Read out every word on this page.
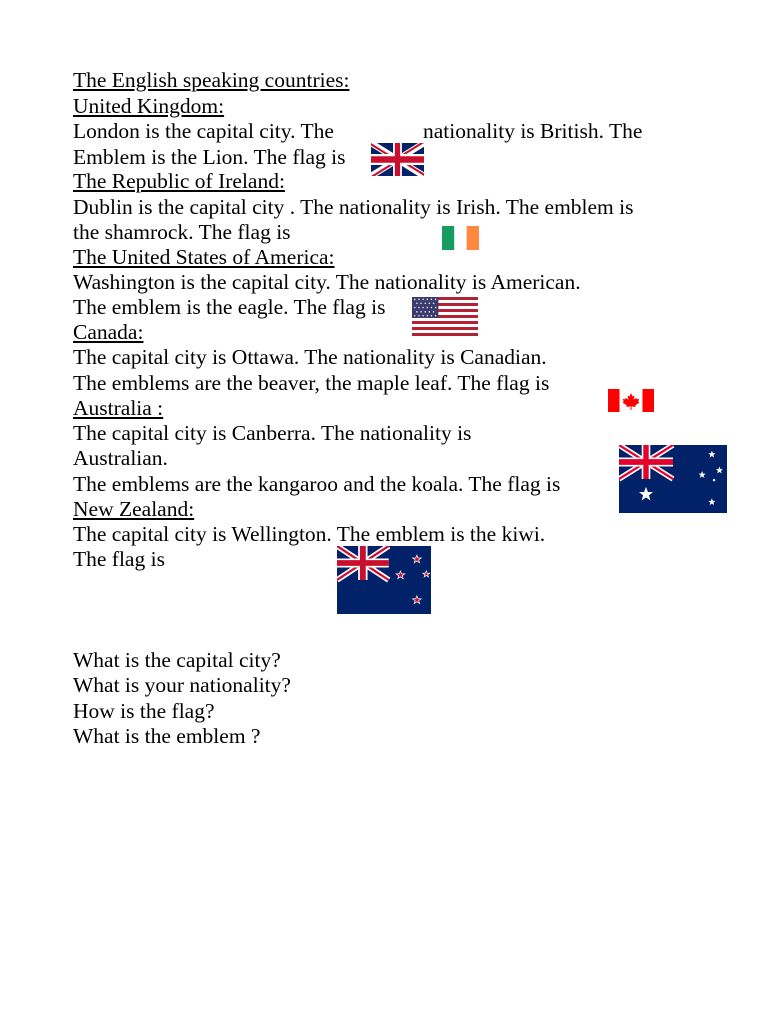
The English speaking countries:
United Kingdom:
London is the capital city. The	nationality is British. The
Emblem is the Lion. The flag is
The Republic of Ireland:
Dublin is the capital city . The nationality is Irish. The emblem is
the shamrock. The flag is
The United States of America:
Washington is the capital city. The nationality is American.
The emblem is the eagle. The flag is
Canada:
The capital city is Ottawa. The nationality is Canadian.
The emblems are the beaver, the maple leaf. The flag is
Australia :
The capital city is Canberra. The nationality is
Australian.
The emblems are the kangaroo and the koala. The flag is
New Zealand:
The capital city is Wellington. The emblem is the kiwi.
The flag is
What is the capital city?
What is your nationality?
How is the flag?
What is the emblem ?
